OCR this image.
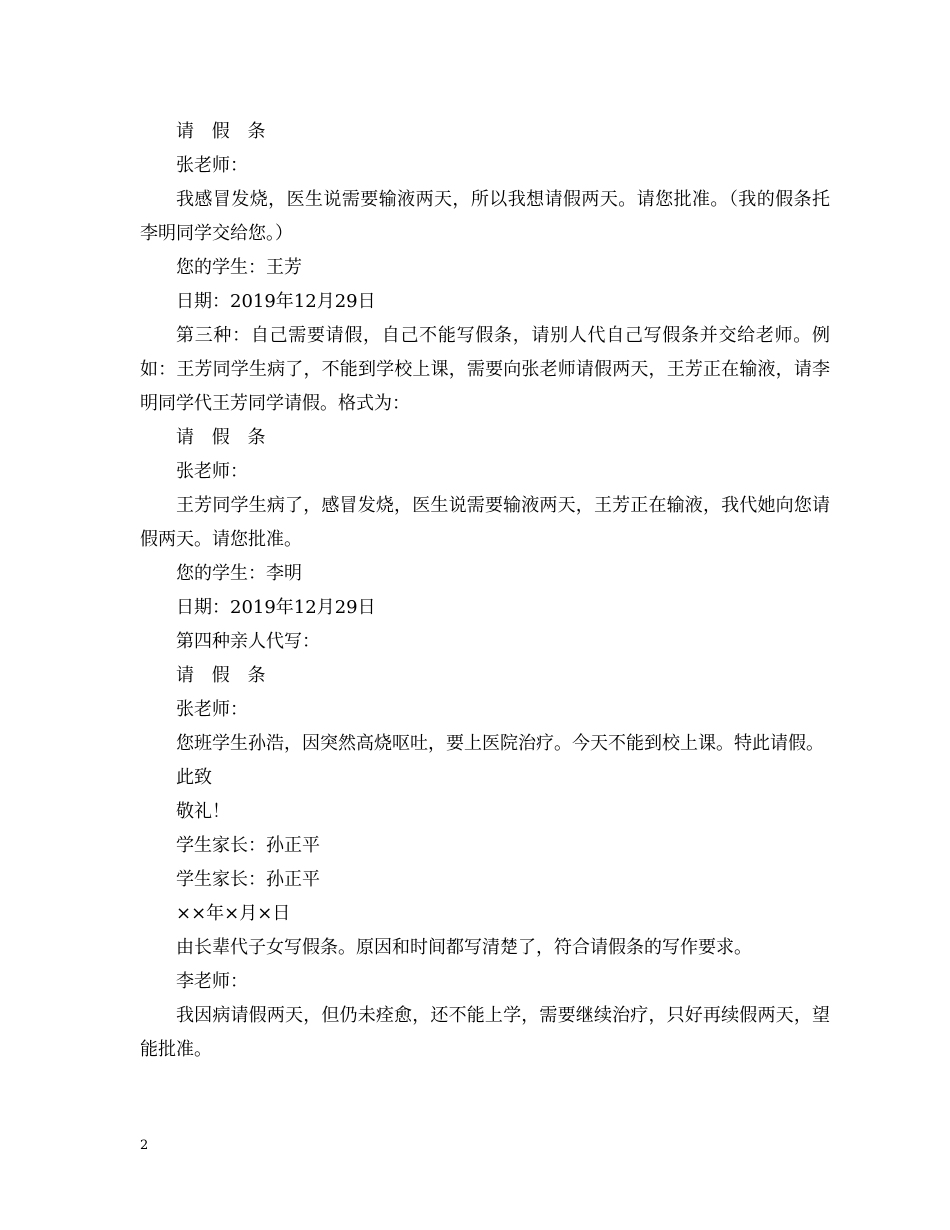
请 假 条

张老师：

我感冒发烧，医生说需要输液两天，所以我想请假两天。请您批准。（我的假条托李明同学交给您。）

您的学生：王芳

日期：2019年12月29日

第三种：自己需要请假，自己不能写假条，请别人代自己写假条并交给老师。例如：王芳同学生病了，不能到学校上课，需要向张老师请假两天，王芳正在输液，请李明同学代王芳同学请假。格式为：

请 假 条

张老师：

王芳同学生病了，感冒发烧，医生说需要输液两天，王芳正在输液，我代她向您请假两天。请您批准。

您的学生：李明

日期：2019年12月29日

第四种亲人代写：

请 假 条

张老师：

您班学生孙浩，因突然高烧呕吐，要上医院治疗。今天不能到校上课。特此请假。

此致

敬礼！

学生家长：孙正平

学生家长：孙正平

××年×月×日

由长辈代子女写假条。原因和时间都写清楚了，符合请假条的写作要求。

李老师：

我因病请假两天，但仍未痊愈，还不能上学，需要继续治疗，只好再续假两天，望能批准。

2
